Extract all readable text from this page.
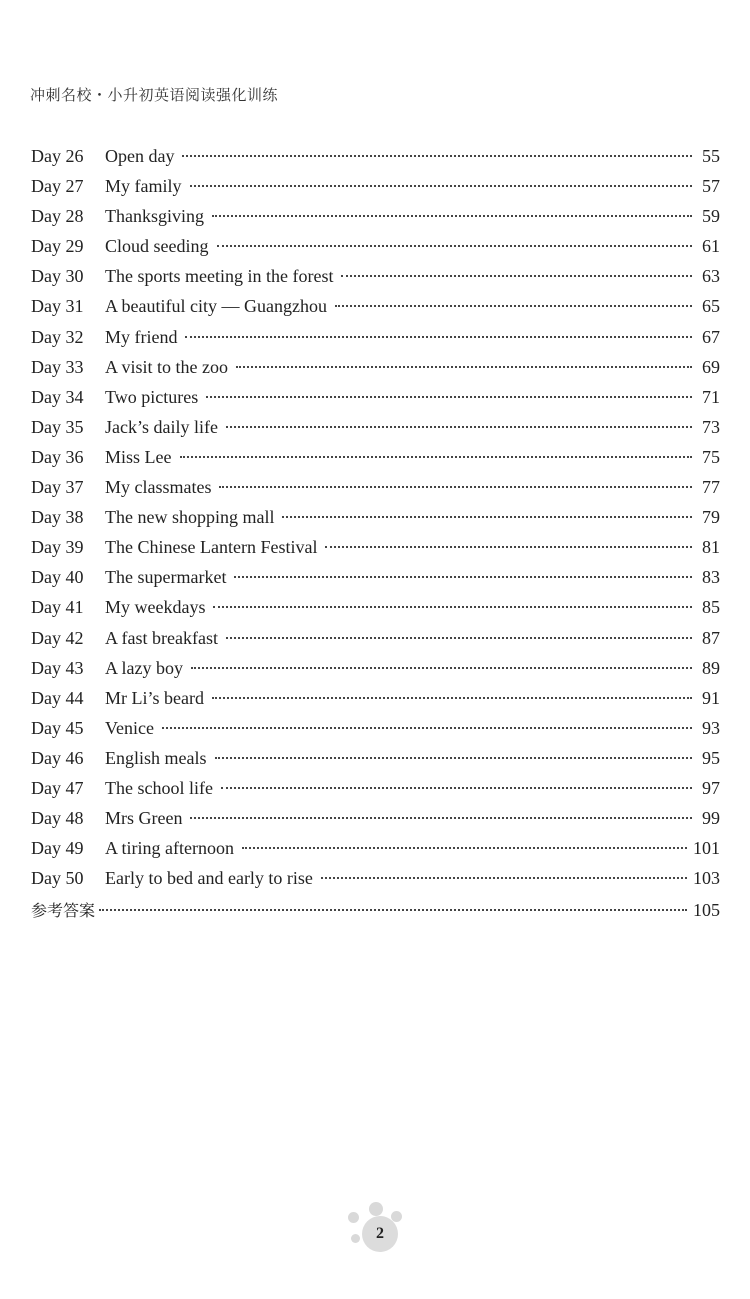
冲刺名校・小升初英语阅读强化训练
Day 26	Open day	55
Day 27	My family	57
Day 28	Thanksgiving	59
Day 29	Cloud seeding	61
Day 30	The sports meeting in the forest	63
Day 31	A beautiful city — Guangzhou	65
Day 32	My friend	67
Day 33	A visit to the zoo	69
Day 34	Two pictures	71
Day 35	Jack’s daily life	73
Day 36	Miss Lee	75
Day 37	My classmates	77
Day 38	The new shopping mall	79
Day 39	The Chinese Lantern Festival	81
Day 40	The supermarket	83
Day 41	My weekdays	85
Day 42	A fast breakfast	87
Day 43	A lazy boy	89
Day 44	Mr Li’s beard	91
Day 45	Venice	93
Day 46	English meals	95
Day 47	The school life	97
Day 48	Mrs Green	99
Day 49	A tiring afternoon	101
Day 50	Early to bed and early to rise	103
参考答案	105
2
